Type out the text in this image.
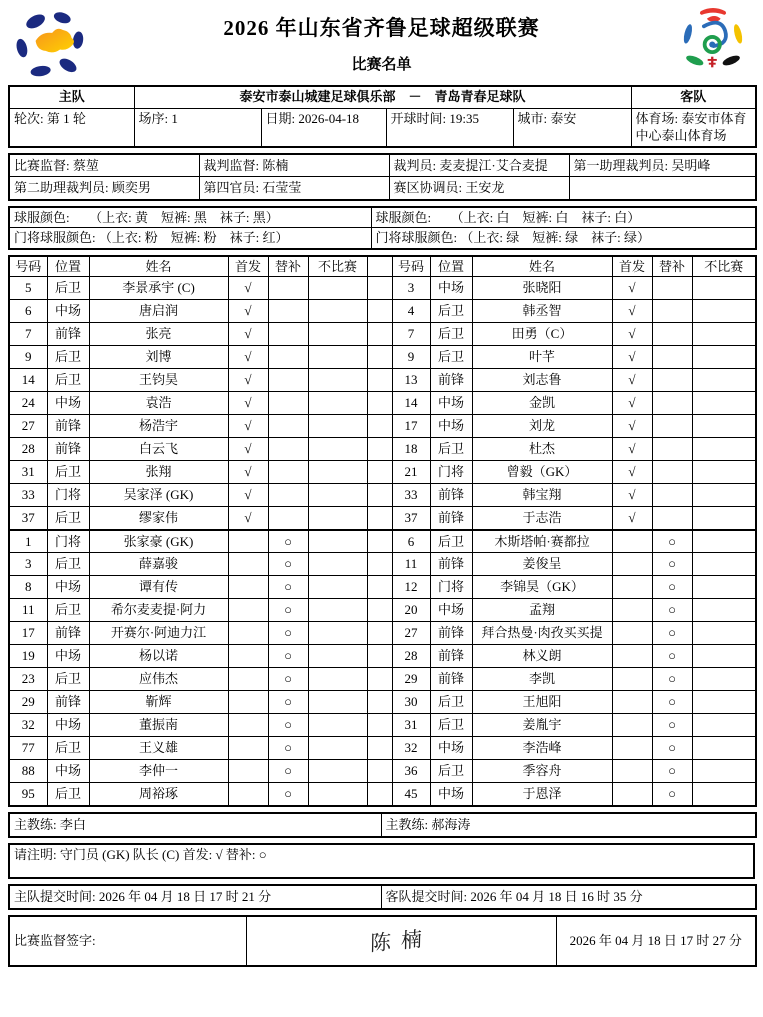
2026 年山东省齐鲁足球超级联赛
比赛名单
主队	泰安市泰山城建足球俱乐部　－　青岛青春足球队				客队
轮次: 第 1 轮	场序: 1	日期: 2026-04-18	开球时间: 19:35	城市: 泰安	体育场: 泰安市体育中心泰山体育场
比赛监督: 蔡堃	裁判监督: 陈楠	裁判员: 麦麦提江·艾合麦提	第一助理裁判员: 吴明峰
第二助理裁判员: 顾奕男	第四官员: 石莹莹	赛区协调员: 王安龙	
球服颜色:　　（上衣: 黄　短裤: 黑　袜子: 黑）	球服颜色:　　（上衣: 白　短裤: 白　袜子: 白）
门将球服颜色: （上衣: 粉　短裤: 粉　袜子: 红）	门将球服颜色: （上衣: 绿　短裤: 绿　袜子: 绿）
号码	位置	姓名	首发	替补	不比赛		号码	位置	姓名	首发	替补	不比赛
5	后卫	李景承宇 (C)	√				3	中场	张晓阳	√		
6	中场	唐启润	√				4	后卫	韩丞智	√		
7	前锋	张亮	√				7	后卫	田勇（C）	√		
9	后卫	刘博	√				9	后卫	叶芊	√		
14	后卫	王钧昊	√				13	前锋	刘志鲁	√		
24	中场	袁浩	√				14	中场	金凯	√		
27	前锋	杨浩宇	√				17	中场	刘龙	√		
28	前锋	白云飞	√				18	后卫	杜杰	√		
31	后卫	张翔	√				21	门将	曾毅（GK）	√		
33	门将	吴家泽 (GK)	√				33	前锋	韩宝翔	√		
37	后卫	缪家伟	√				37	前锋	于志浩	√		
1	门将	张家豪 (GK)		○			6	后卫	木斯塔帕·赛都拉		○	
3	后卫	薛嘉骏		○			11	前锋	姜俊呈		○	
8	中场	谭有传		○			12	门将	李锦昊（GK）		○	
11	后卫	希尔麦麦提·阿力		○			20	中场	孟翔		○	
17	前锋	开赛尔·阿迪力江		○			27	前锋	拜合热曼·肉孜买买提		○	
19	中场	杨以诺		○			28	前锋	林义朗		○	
23	后卫	应伟杰		○			29	前锋	李凯		○	
29	前锋	靳辉		○			30	后卫	王旭阳		○	
32	中场	董振南		○			31	后卫	姜胤宇		○	
77	后卫	王义雄		○			32	中场	李浩峰		○	
88	中场	李仲一		○			36	后卫	季容舟		○	
95	后卫	周裕琢		○			45	中场	于恩泽		○	
主教练: 李白	主教练: 郝海涛
请注明: 守门员 (GK) 队长 (C) 首发: √ 替补: ○
主队提交时间: 2026 年 04 月 18 日 17 时 21 分	客队提交时间: 2026 年 04 月 18 日 16 时 35 分
比赛监督签字:	陈楠	2026 年 04 月 18 日 17 时 27 分
